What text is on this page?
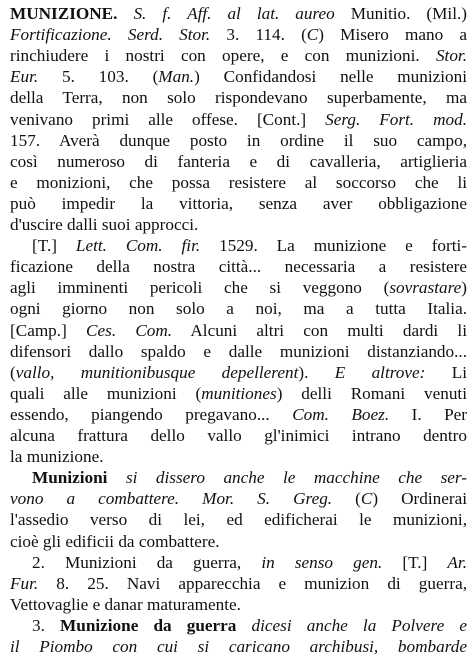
MUNIZIONE. S. f. Aff. al lat. aureo Munitio. (Mil.)
Fortificazione. Serd. Stor. 3. 114. (C) Misero mano a
rinchiudere i nostri con opere, e con munizioni. Stor.
Eur. 5. 103. (Man.) Confidandosi nelle munizioni
della Terra, non solo rispondevano superbamente, ma
venivano primi alle offese. [Cont.] Serg. Fort. mod.
157. Averà dunque posto in ordine il suo campo,
così numeroso di fanteria e di cavalleria, artiglieria
e monizioni, che possa resistere al soccorso che li
può impedir la vittoria, senza aver obbligazione
d'uscire dalli suoi approcci.
[T.] Lett. Com. fir. 1529. La munizione e forti-
ficazione della nostra città... necessaria a resistere
agli imminenti pericoli che si veggono (sovrastare)
ogni giorno non solo a noi, ma a tutta Italia.
[Camp.] Ces. Com. Alcuni altri con multi dardi li
difensori dallo spaldo e dalle munizioni distanziando...
(vallo, munitionibusque depellerent). E altrove: Li
quali alle munizioni (munitiones) delli Romani venuti
essendo, piangendo pregavano... Com. Boez. I. Per
alcuna frattura dello vallo gl'inimici intrano dentro
la munizione.
Munizioni si dissero anche le macchine che ser-
vono a combattere. Mor. S. Greg. (C) Ordinerai
l'assedio verso di lei, ed edificherai le munizioni,
cioè gli edificii da combattere.
2. Munizioni da guerra, in senso gen. [T.] Ar.
Fur. 8. 25. Navi apparecchia e munizion di guerra,
Vettovaglie e danar maturamente.
3. Munizione da guerra dicesi anche la Polvere e
il Piombo con cui si caricano archibusi, bombarde
